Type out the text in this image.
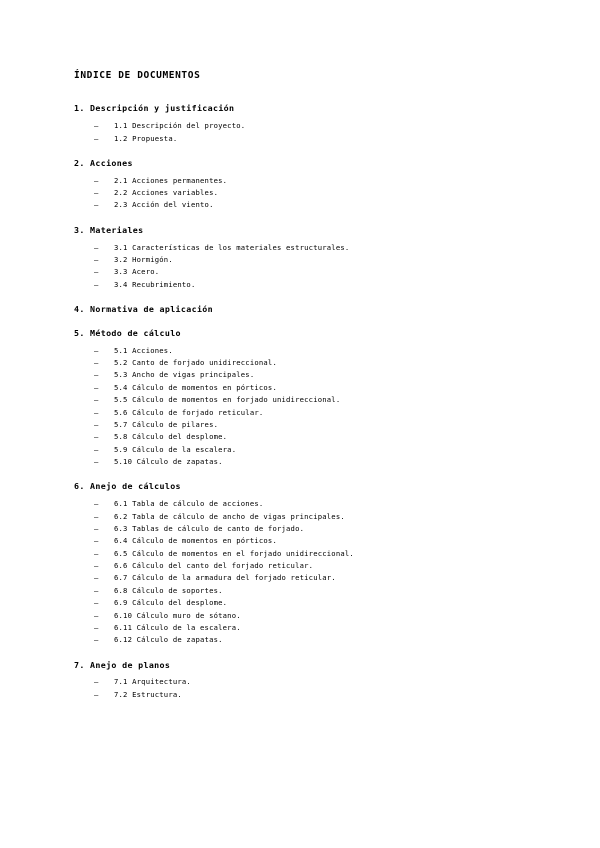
ÍNDICE DE DOCUMENTOS
1. Descripción y justificación
–	1.1 Descripción del proyecto.
–	1.2 Propuesta.
2. Acciones
–	2.1 Acciones permanentes.
–	2.2 Acciones variables.
–	2.3 Acción del viento.
3. Materiales
–	3.1 Características de los materiales estructurales.
–	3.2 Hormigón.
–	3.3 Acero.
–	3.4 Recubrimiento.
4. Normativa de aplicación
5. Método de cálculo
–	5.1 Acciones.
–	5.2 Canto de forjado unidireccional.
–	5.3 Ancho de vigas principales.
–	5.4 Cálculo de momentos en pórticos.
–	5.5 Cálculo de momentos en forjado unidireccional.
–	5.6 Cálculo de forjado reticular.
–	5.7 Cálculo de pilares.
–	5.8 Cálculo del desplome.
–	5.9 Cálculo de la escalera.
–	5.10 Cálculo de zapatas.
6. Anejo de cálculos
–	6.1 Tabla de cálculo de acciones.
–	6.2 Tabla de cálculo de ancho de vigas principales.
–	6.3 Tablas de cálculo de canto de forjado.
–	6.4 Cálculo de momentos en pórticos.
–	6.5 Cálculo de momentos en el forjado unidireccional.
–	6.6 Cálculo del canto del forjado reticular.
–	6.7 Cálculo de la armadura del forjado reticular.
–	6.8 Cálculo de soportes.
–	6.9 Cálculo del desplome.
–	6.10 Cálculo muro de sótano.
–	6.11 Cálculo de la escalera.
–	6.12 Cálculo de zapatas.
7. Anejo de planos
–	7.1 Arquitectura.
–	7.2 Estructura.
